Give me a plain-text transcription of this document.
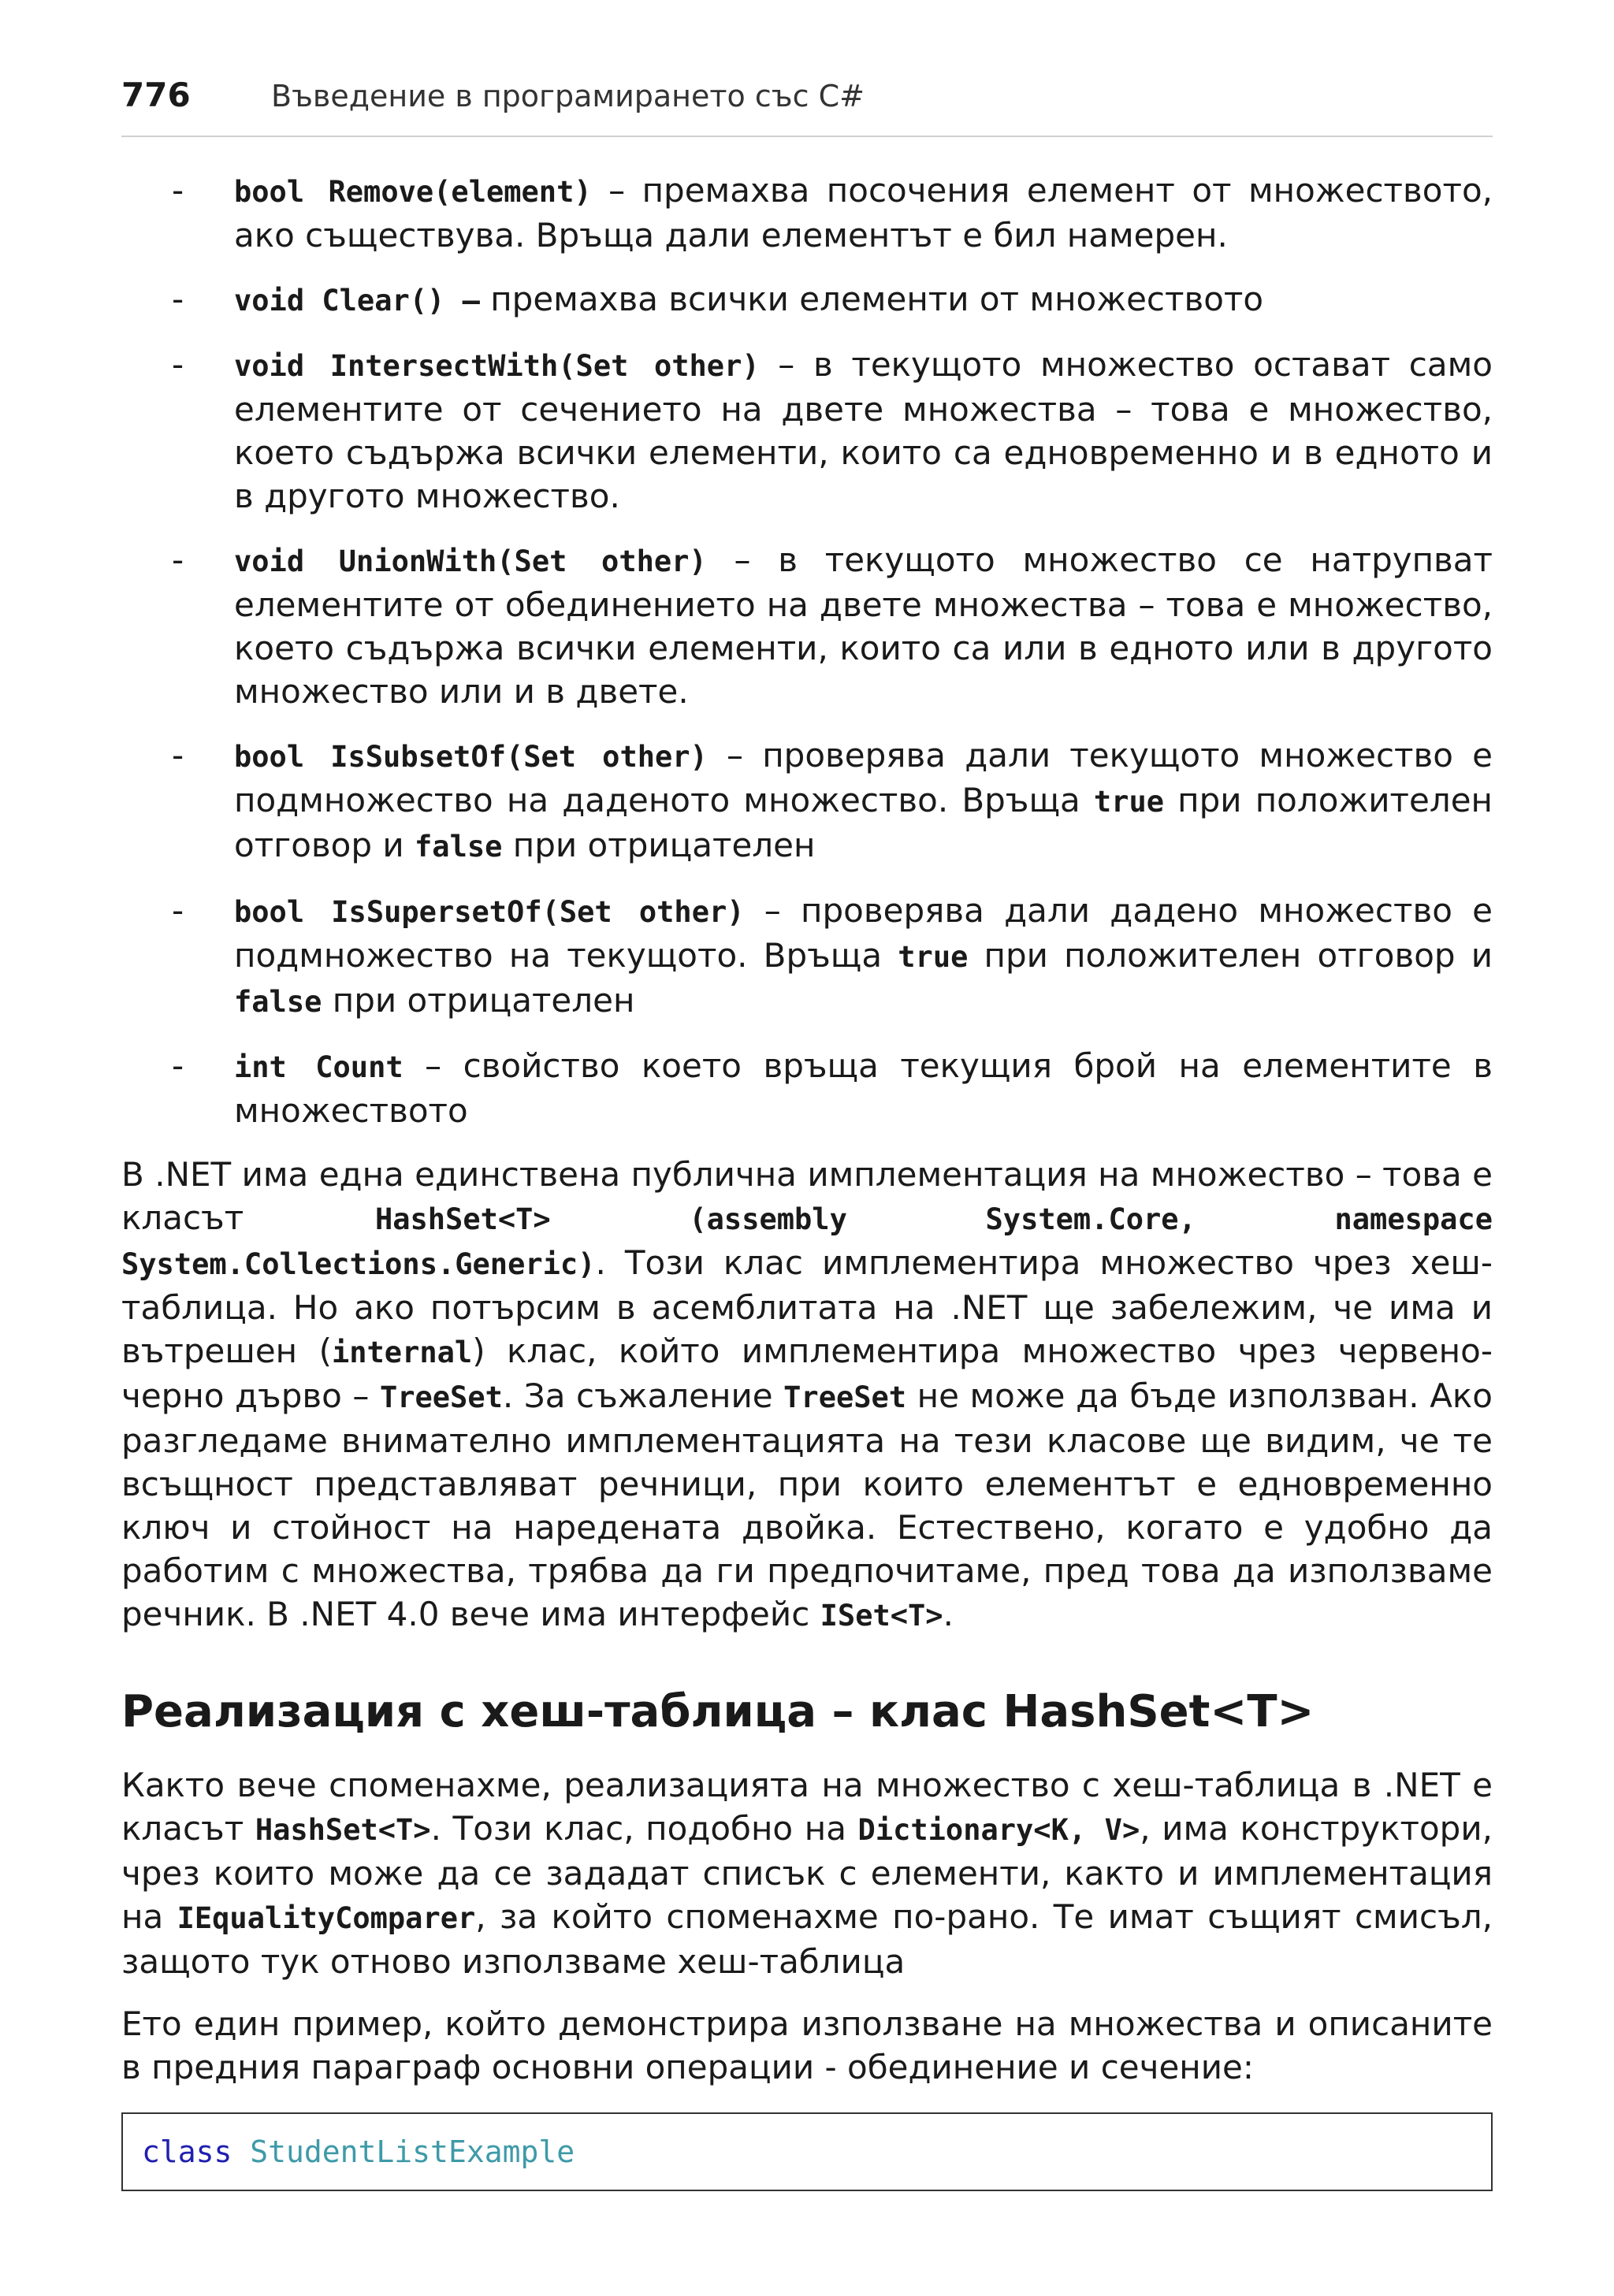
776	Въведение в програмирането със C#
- bool Remove(element) – премахва посочения елемент от множеството, ако съществува. Връща дали елементът е бил намерен.
- void Clear() – премахва всички елементи от множеството
- void IntersectWith(Set other) – в текущото множество остават само елементите от сечението на двете множества – това е множество, което съдържа всички елементи, които са едновременно и в едното и в другото множество.
- void UnionWith(Set other) – в текущото множество се натрупват елементите от обединението на двете множества – това е множество, което съдържа всички елементи, които са или в едното или в другото множество или и в двете.
- bool IsSubsetOf(Set other) – проверява дали текущото множество е подмножество на даденото множество. Връща true при положителен отговор и false при отрицателен
- bool IsSupersetOf(Set other) – проверява дали дадено множество е подмножество на текущото. Връща true при положителен отговор и false при отрицателен
- int Count – свойство което връща текущия брой на елементите в множеството

В .NET има една единствена публична имплементация на множество – това е класът HashSet<T> (assembly System.Core, namespace System.Collections.Generic). Този клас имплементира множество чрез хеш-таблица. Но ако потърсим в асемблитата на .NET ще забележим, че има и вътрешен (internal) клас, който имплементира множество чрез червено-черно дърво – TreeSet. За съжаление TreeSet не може да бъде използван. Ако разгледаме внимателно имплементацията на тези класове ще видим, че те всъщност представляват речници, при които елементът е едновременно ключ и стойност на наредената двойка. Естествено, когато е удобно да работим с множества, трябва да ги предпочитаме, пред това да използваме речник. В .NET 4.0 вече има интерфейс ISet<T>.

Реализация с хеш-таблица – клас HashSet<T>

Както вече споменахме, реализацията на множество с хеш-таблица в .NET е класът HashSet<T>. Този клас, подобно на Dictionary<K, V>, има конструктори, чрез които може да се зададат списък с елементи, както и имплементация на IEqualityComparer, за който споменахме по-рано. Те имат същият смисъл, защото тук отново използваме хеш-таблица

Ето един пример, който демонстрира използване на множества и описаните в предния параграф основни операции - обединение и сечение:

class StudentListExample
